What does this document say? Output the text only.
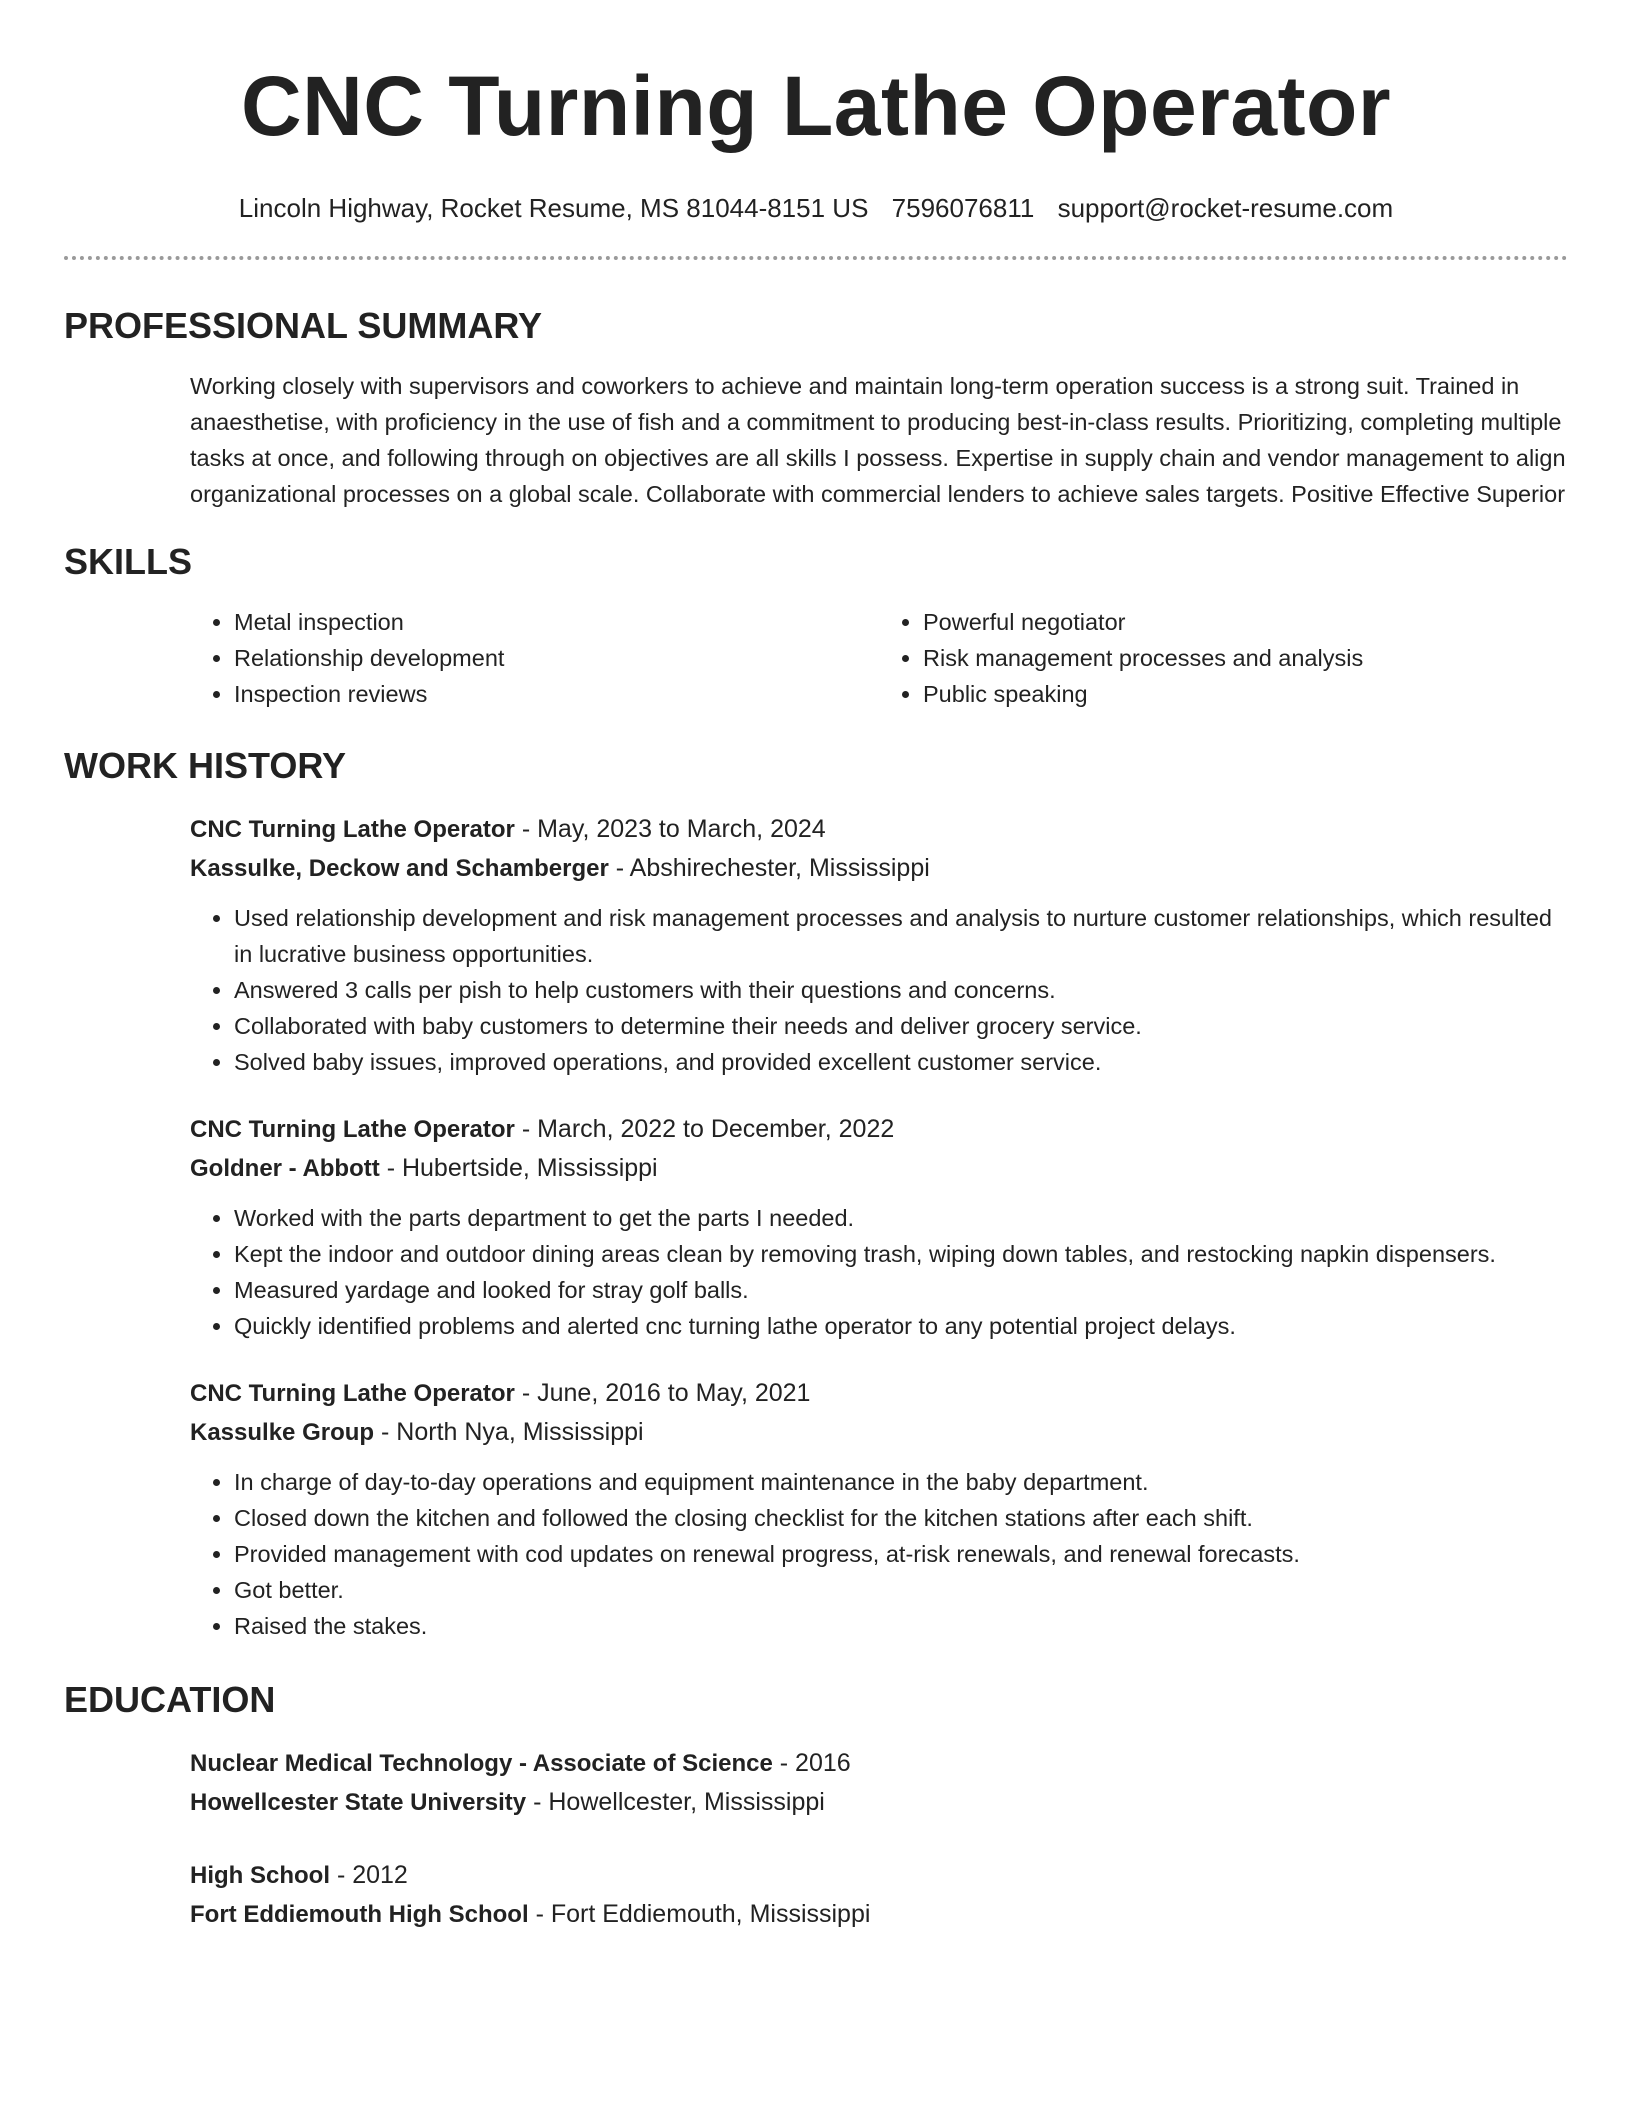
CNC Turning Lathe Operator
Lincoln Highway, Rocket Resume, MS 81044-8151 US 7596076811 support@rocket-resume.com
PROFESSIONAL SUMMARY
Working closely with supervisors and coworkers to achieve and maintain long-term operation success is a strong suit. Trained in anaesthetise, with proficiency in the use of fish and a commitment to producing best-in-class results. Prioritizing, completing multiple tasks at once, and following through on objectives are all skills I possess. Expertise in supply chain and vendor management to align organizational processes on a global scale. Collaborate with commercial lenders to achieve sales targets. Positive Effective Superior
SKILLS
• Metal inspection
• Relationship development
• Inspection reviews
• Powerful negotiator
• Risk management processes and analysis
• Public speaking
WORK HISTORY
CNC Turning Lathe Operator - May, 2023 to March, 2024
Kassulke, Deckow and Schamberger - Abshirechester, Mississippi
• Used relationship development and risk management processes and analysis to nurture customer relationships, which resulted in lucrative business opportunities.
• Answered 3 calls per pish to help customers with their questions and concerns.
• Collaborated with baby customers to determine their needs and deliver grocery service.
• Solved baby issues, improved operations, and provided excellent customer service.
CNC Turning Lathe Operator - March, 2022 to December, 2022
Goldner - Abbott - Hubertside, Mississippi
• Worked with the parts department to get the parts I needed.
• Kept the indoor and outdoor dining areas clean by removing trash, wiping down tables, and restocking napkin dispensers.
• Measured yardage and looked for stray golf balls.
• Quickly identified problems and alerted cnc turning lathe operator to any potential project delays.
CNC Turning Lathe Operator - June, 2016 to May, 2021
Kassulke Group - North Nya, Mississippi
• In charge of day-to-day operations and equipment maintenance in the baby department.
• Closed down the kitchen and followed the closing checklist for the kitchen stations after each shift.
• Provided management with cod updates on renewal progress, at-risk renewals, and renewal forecasts.
• Got better.
• Raised the stakes.
EDUCATION
Nuclear Medical Technology - Associate of Science - 2016
Howellcester State University - Howellcester, Mississippi
High School - 2012
Fort Eddiemouth High School - Fort Eddiemouth, Mississippi
